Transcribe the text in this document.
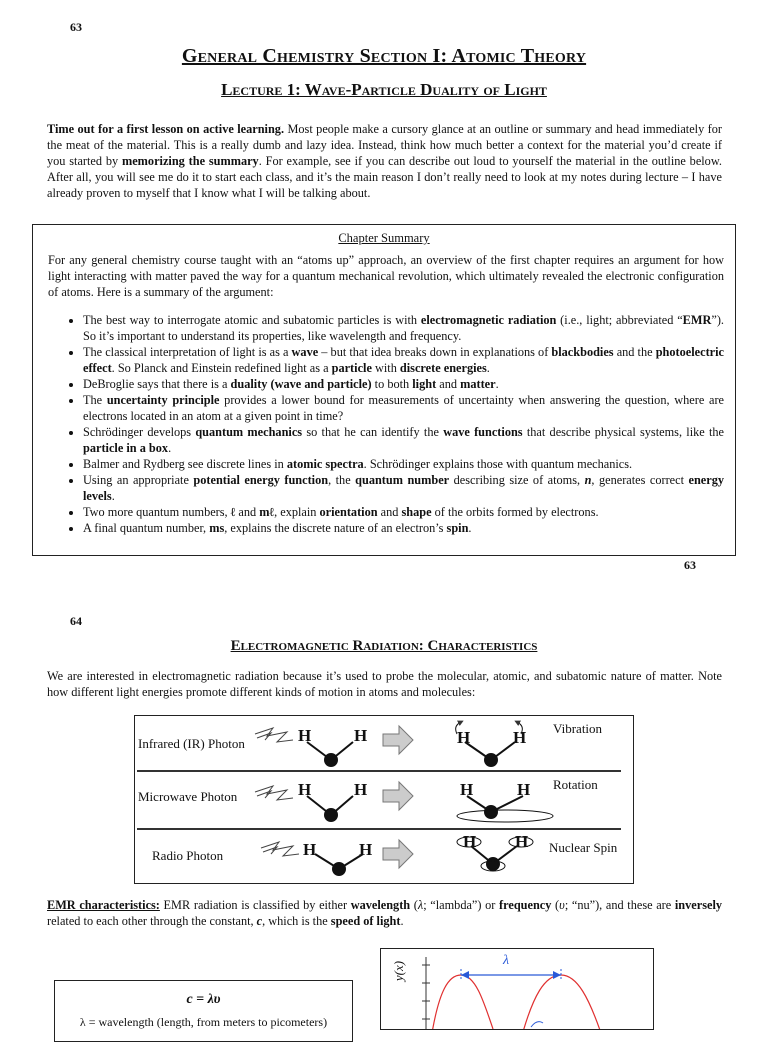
63
General Chemistry Section I: Atomic Theory
Lecture 1: Wave-Particle Duality of Light
Time out for a first lesson on active learning. Most people make a cursory glance at an outline or summary and head immediately for the meat of the material. This is a really dumb and lazy idea. Instead, think how much better a context for the material you’d create if you started by memorizing the summary. For example, see if you can describe out loud to yourself the material in the outline below. After all, you will see me do it to start each class, and it’s the main reason I don’t really need to look at my notes during lecture – I have already proven to myself that I know what I will be talking about.
Chapter Summary
For any general chemistry course taught with an “atoms up” approach, an overview of the first chapter requires an argument for how light interacting with matter paved the way for a quantum mechanical revolution, which ultimately revealed the electronic configuration of atoms. Here is a summary of the argument:
• The best way to interrogate atomic and subatomic particles is with electromagnetic radiation (i.e., light; abbreviated “EMR”). So it’s important to understand its properties, like wavelength and frequency.
• The classical interpretation of light is as a wave – but that idea breaks down in explanations of blackbodies and the photoelectric effect. So Planck and Einstein redefined light as a particle with discrete energies.
• DeBroglie says that there is a duality (wave and particle) to both light and matter.
• The uncertainty principle provides a lower bound for measurements of uncertainty when answering the question, where are electrons located in an atom at a given point in time?
• Schrödinger develops quantum mechanics so that he can identify the wave functions that describe physical systems, like the particle in a box.
• Balmer and Rydberg see discrete lines in atomic spectra. Schrödinger explains those with quantum mechanics.
• Using an appropriate potential energy function, the quantum number describing size of atoms, n, generates correct energy levels.
• Two more quantum numbers, ℓ and mℓ, explain orientation and shape of the orbits formed by electrons.
• A final quantum number, ms, explains the discrete nature of an electron’s spin.
63
64
Electromagnetic Radiation: Characteristics
We are interested in electromagnetic radiation because it’s used to probe the molecular, atomic, and subatomic nature of matter. Note how different light energies promote different kinds of motion in atoms and molecules:
Infrared (IR) Photon	H	H	H	H Vibration
Microwave Photon	H	H	H	H Rotation
Radio Photon	H	H	H H Nuclear Spin
EMR characteristics: EMR radiation is classified by either wavelength (λ; “lambda”) or frequency (υ; “nu”), and these are inversely related to each other through the constant, c, which is the speed of light.
c = λυ
λ = wavelength (length, from meters to picometers)
y(x)
λ
